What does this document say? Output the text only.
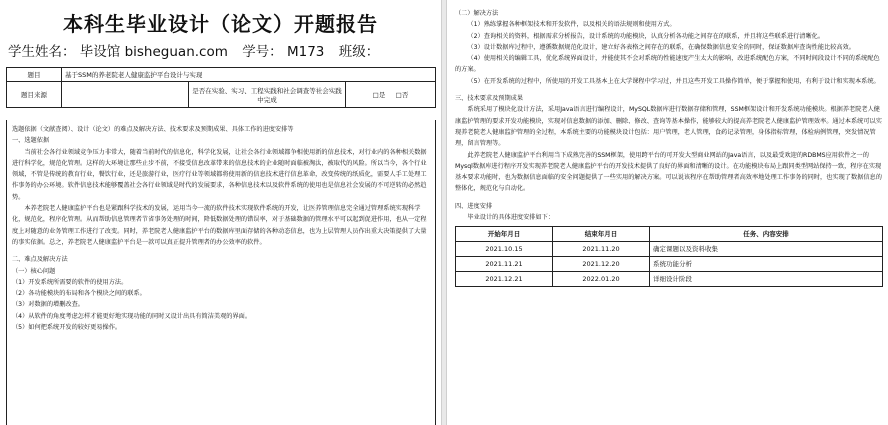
本科生毕业设计（论文）开题报告
学生姓名： 毕设馆 bisheguan.com 学号： M173 班级：
题目	基于SSM的养老院老人健康监护平台设计与实现		
题目来源		是否在实验、实习、工程实践和社会调查等社会实践中完成	□是 □否

选题依据（文献查阅）、设计（论文）的难点及解决方法、技术要求及预期成果、具体工作的进度安排等

一、选题依据

当前社会各行业领域竞争压力非常大，随着当前时代的信息化，科学化发展，让社会各行业领域都争相使用新的信息技术，对行业内的各种相关数据进行科学化，规范化管理。这样的大环境让那些止步不前，不接受信息改革带来的信息技术的企业随时面临被淘汰，被取代的风险。所以当今，各个行业领域，不管是传统的教育行业，餐饮行业，还是旅游行业，医疗行业等领域都将使用新的信息技术进行信息革命，改变传统的纸质化，需要人手工处理工作事务的办公环境。软件信息技术能够覆盖社会各行业领域是时代的发展要求，各种信息技术以及软件系统的使用也是信息社会发展的不可逆转的必然趋势。

本养老院老人健康监护平台也是紧跟科学技术的发展，运用当今一流的软件技术实现软件系统的开发，让医养管理信息完全通过管理系统实现科学化，规范化，程序化管理。从而帮助信息管理者节省事务处理的时间，降低数据处理的错误率，对于基础数据的管理水平可以起到促进作用，也从一定程度上对随意的业务管理工作进行了改变。同时，养老院老人健康监护平台的数据库里面存储的各种动态信息，也为上层管理人员作出重大决策提供了大量的事实依据。总之，养老院老人健康监护平台是一款可以真正提升管理者的办公效率的软件。

二、难点及解决方法

（一）核心问题

（1）开发系统所需要的软件的使用方法。

（2）各功能模块的布局和各个模块之间的联系。

（3）对数据的增删改查。

（4）从软件的角度考虑怎样才能更好地实现功能的同时又设计出具有简洁美观的界面。

（5）如何把系统开发的较好更易操作。

（二）解决方法

（1）熟练掌握各种框架技术和开发软件，以及相关的语法规则和使用方式。

（2）查询相关的资料，根据需求分析报告，设计系统的功能模块，认真分析各功能之间存在的联系，并且将这些联系进行清晰化。

（3）设计数据库过程中，遵循数据规范化设计，建立好各表格之间存在的联系，在确保数据信息安全的同时，保证数据库查询性能比较高效。

（4）使用相关的编辑工具，优化系统界面设计，并能使其不会对系统的性能速度产生太大的影响，改进系统配色方案，不同时间段设计不同的系统配色的方案。

（5）在开发系统的过程中，所使用的开发工具基本上在大学课程中学习过，并且这些开发工具操作简单，便于掌握和使用，有利于设计和实现本系统。

三、技术要求及预期成果

系统采用了模块化设计方法，采用Java语言进行编程设计，MySQL数据库进行数据存储和管理，SSM框架设计和开发系统功能模块。根据养老院老人健康监护管理的要求开发功能模块，实现对信息数据的添加、删除、修改、查询等基本操作，能够较大的提高养老院老人健康监护管理效率。通过本系统可以实现养老院老人健康监护管理的全过程，本系统主要的功能模块设计包括：用户管理，老人管理，食药记录管理，身体指标管理，体检病例管理，突发情况管理，留言管理等。

此养老院老人健康监护平台利用当下成熟完善的SSM框架，使用跨平台的可开发大型商业网站的Java语言，以及最受欢迎的RDBMS应用软件之一的Mysql数据库进行程序开发实现养老院老人健康监护平台的开发技术提供了良好的界面和清晰的设计。在功能模块布局上跟同类型网站保持一致，程序在实现基本要求功能时，也为数据信息面临的安全问题提供了一些实用的解决方案。可以说该程序在帮助管理者高效率地处理工作事务的同时，也实现了数据信息的整体化，规范化与自动化。

四、进度安排

毕业设计的具体进度安排如下：

开始年月日	结束年月日	任务、内容安排
2021.10.15	2021.11.20	确定课题以及资料收集
2021.11.21	2021.12.20	系统功能分析
2021.12.21	2022.01.20	详细设计阶段
